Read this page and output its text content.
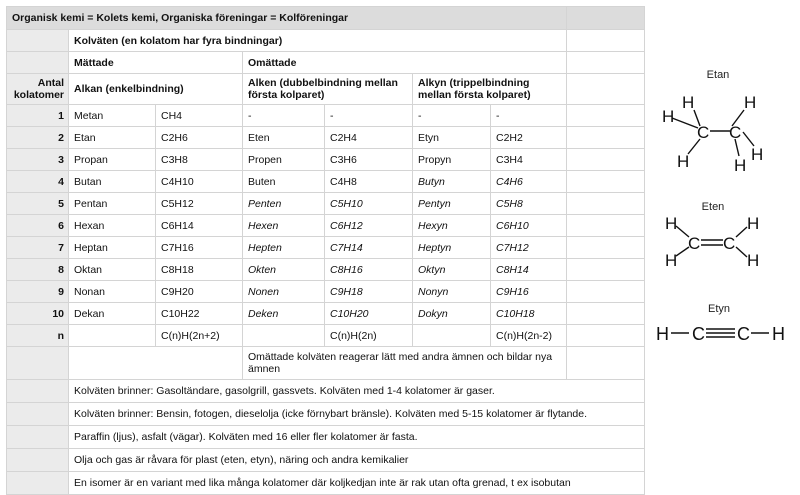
Organisk kemi = Kolets kemi, Organiska föreningar = Kolföreningar							
	Kolväten (en kolatom har fyra bindningar)						
	Mättade		Omättade				
Antal kolatomer	Alkan (enkelbindning)		Alken (dubbelbindning mellan första kolparet)		Alkyn (trippelbindning mellan första kolparet)		
1	Metan	CH4	-	-	-	-	
2	Etan	C2H6	Eten	C2H4	Etyn	C2H2	
3	Propan	C3H8	Propen	C3H6	Propyn	C3H4	
4	Butan	C4H10	Buten	C4H8	Butyn	C4H6	
5	Pentan	C5H12	Penten	C5H10	Pentyn	C5H8	
6	Hexan	C6H14	Hexen	C6H12	Hexyn	C6H10	
7	Heptan	C7H16	Hepten	C7H14	Heptyn	C7H12	
8	Oktan	C8H18	Okten	C8H16	Oktyn	C8H14	
9	Nonan	C9H20	Nonen	C9H18	Nonyn	C9H16	
10	Dekan	C10H22	Deken	C10H20	Dokyn	C10H18	
n		C(n)H(2n+2)		C(n)H(2n)		C(n)H(2n-2)	
			Omättade kolväten reagerar lätt med andra ämnen och bildar nya ämnen				
	Kolväten brinner: Gasoltändare, gasolgrill, gassvets. Kolväten med 1-4 kolatomer är gaser.						
	Kolväten brinner: Bensin, fotogen, dieselolja (icke förnybart bränsle). Kolväten med 5-15 kolatomer är flytande.						
	Paraffin (ljus), asfalt (vägar). Kolväten med 16 eller fler kolatomer är fasta.						
	Olja och gas är råvara för plast (eten, etyn), näring och andra kemikalier						
	En isomer är en variant med lika många kolatomer där koljkedjan inte är rak utan ofta grenad, t ex isobutan						
Etan
H
H
C
H
C
H
H
H
Eten
H
H
C C
H
H
Etyn
H C C H
